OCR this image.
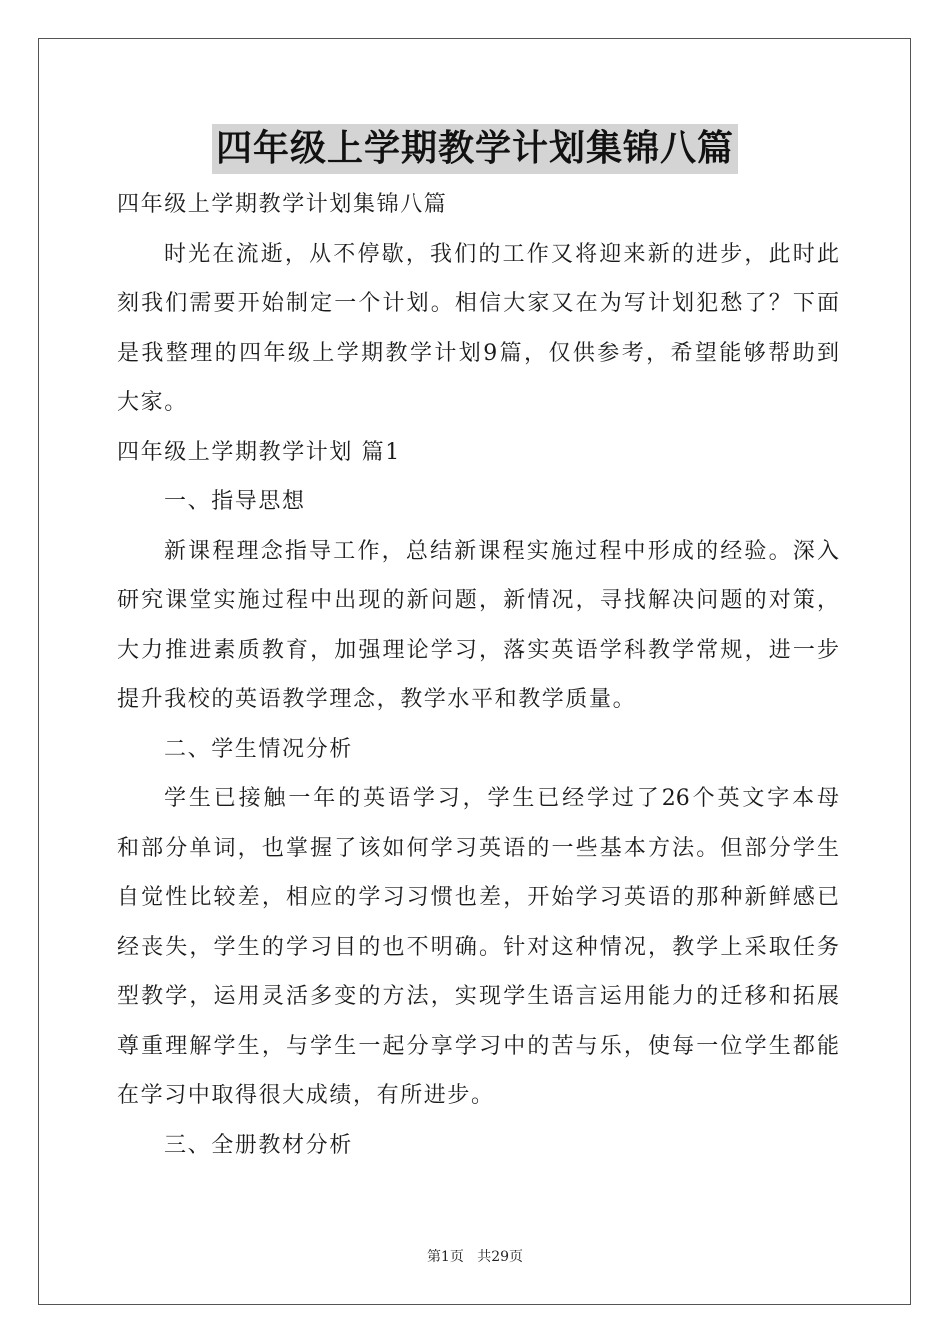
四年级上学期教学计划集锦八篇
四年级上学期教学计划集锦八篇
时光在流逝，从不停歇，我们的工作又将迎来新的进步，此时此
刻我们需要开始制定一个计划。相信大家又在为写计划犯愁了？下面
是我整理的四年级上学期教学计划9篇，仅供参考，希望能够帮助到
大家。
四年级上学期教学计划 篇1
一、指导思想
新课程理念指导工作，总结新课程实施过程中形成的经验。深入
研究课堂实施过程中出现的新问题，新情况，寻找解决问题的对策，
大力推进素质教育，加强理论学习，落实英语学科教学常规，进一步
提升我校的英语教学理念，教学水平和教学质量。
二、学生情况分析
学生已接触一年的英语学习，学生已经学过了26个英文字本母
和部分单词，也掌握了该如何学习英语的一些基本方法。但部分学生
自觉性比较差，相应的学习习惯也差，开始学习英语的那种新鲜感已
经丧失，学生的学习目的也不明确。针对这种情况，教学上采取任务
型教学，运用灵活多变的方法，实现学生语言运用能力的迁移和拓展
尊重理解学生，与学生一起分享学习中的苦与乐，使每一位学生都能
在学习中取得很大成绩，有所进步。
三、全册教材分析
第1页 共29页
